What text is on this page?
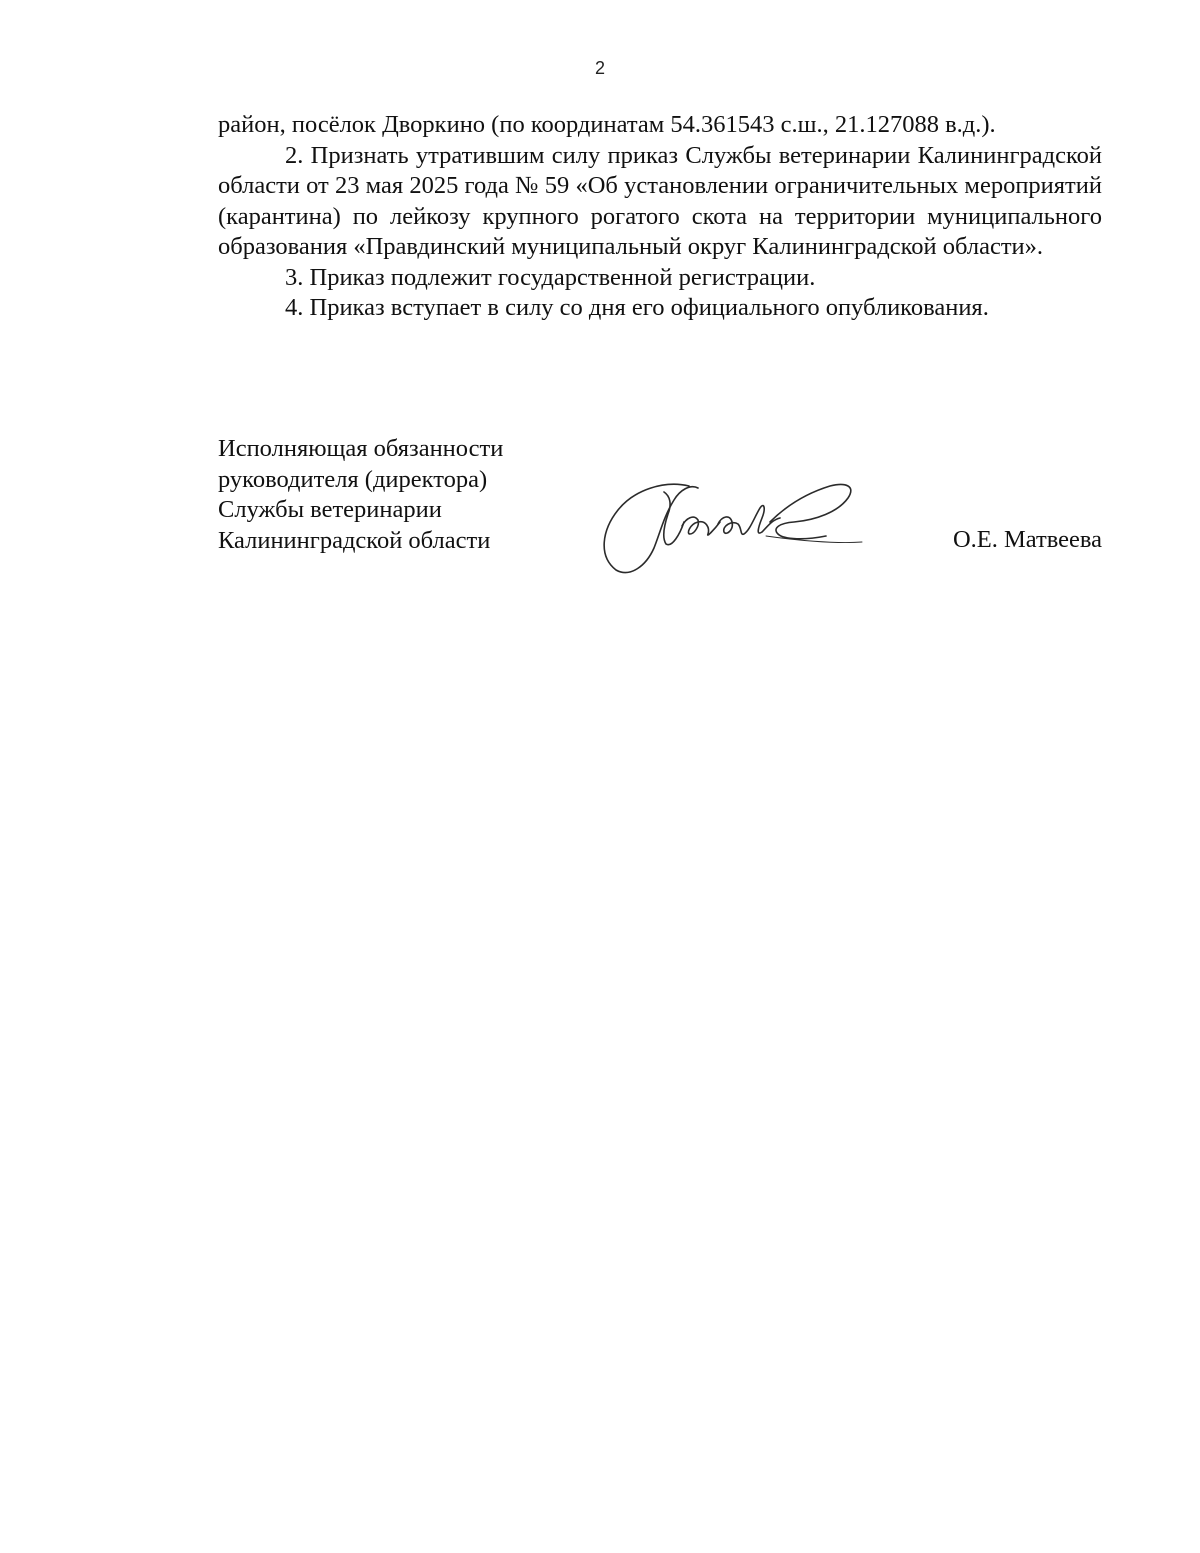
2

район, посёлок Дворкино (по координатам 54.361543 с.ш., 21.127088 в.д.).

2. Признать утратившим силу приказ Службы ветеринарии Калининградской области от 23 мая 2025 года № 59 «Об установлении ограничительных мероприятий (карантина) по лейкозу крупного рогатого скота на территории муниципального образования «Правдинский муниципальный округ Калининградской области».

3. Приказ подлежит государственной регистрации.

4. Приказ вступает в силу со дня его официального опубликования.

Исполняющая обязанности
руководителя (директора)
Службы ветеринарии
Калининградской области	О.Е. Матвеева
